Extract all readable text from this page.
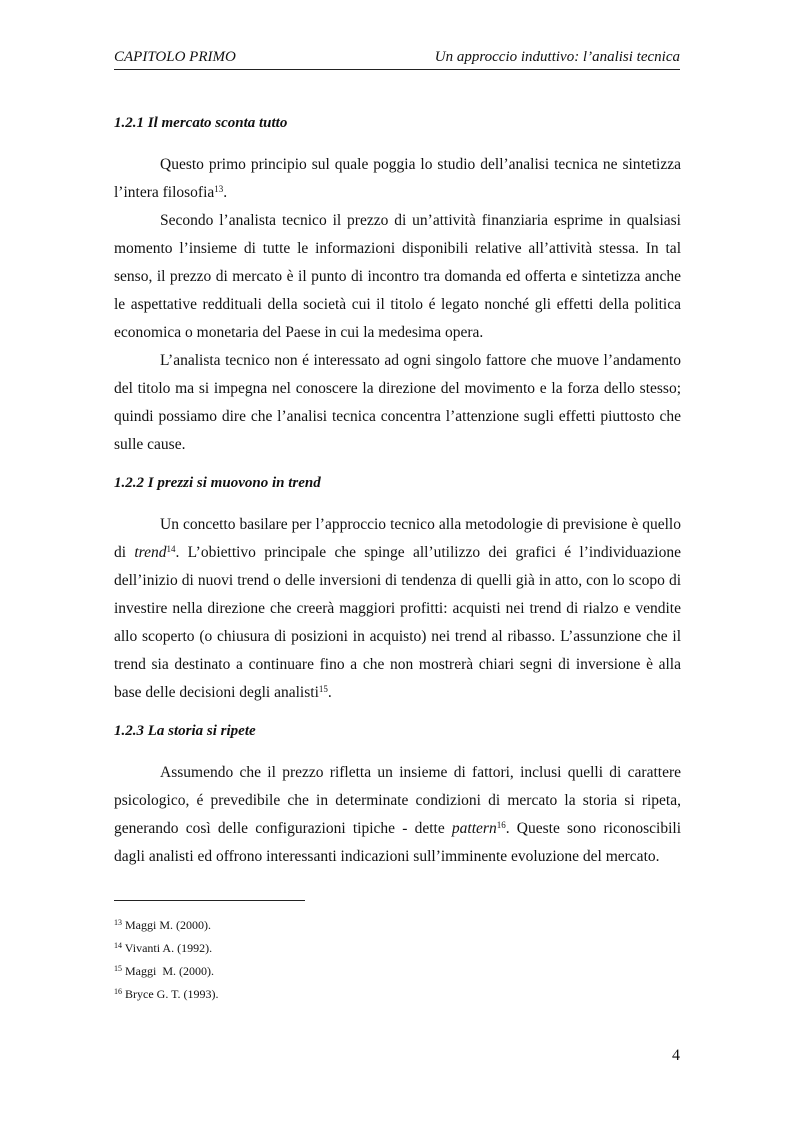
CAPITOLO PRIMO	Un approccio induttivo: l’analisi tecnica
1.2.1 Il mercato sconta tutto

Questo primo principio sul quale poggia lo studio dell’analisi tecnica ne sintetizza l’intera filosofia$^{13}$.

Secondo l’analista tecnico il prezzo di un’attività finanziaria esprime in qualsiasi momento l’insieme di tutte le informazioni disponibili relative all’attività stessa. In tal senso, il prezzo di mercato è il punto di incontro tra domanda ed offerta e sintetizza anche le aspettative reddituali della società cui il titolo é legato nonché gli effetti della politica economica o monetaria del Paese in cui la medesima opera.

L’analista tecnico non é interessato ad ogni singolo fattore che muove l’andamento del titolo ma si impegna nel conoscere la direzione del movimento e la forza dello stesso; quindi possiamo dire che l’analisi tecnica concentra l’attenzione sugli effetti piuttosto che sulle cause.

1.2.2 I prezzi si muovono in trend

Un concetto basilare per l’approccio tecnico alla metodologie di previsione è quello di trend$^{14}$. L’obiettivo principale che spinge all’utilizzo dei grafici é l’individuazione dell’inizio di nuovi trend o delle inversioni di tendenza di quelli già in atto, con lo scopo di investire nella direzione che creerà maggiori profitti: acquisti nei trend di rialzo e vendite allo scoperto (o chiusura di posizioni in acquisto) nei trend al ribasso. L’assunzione che il trend sia destinato a continuare fino a che non mostrerà chiari segni di inversione è alla base delle decisioni degli analisti$^{15}$.

1.2.3 La storia si ripete

Assumendo che il prezzo rifletta un insieme di fattori, inclusi quelli di carattere psicologico, é prevedibile che in determinate condizioni di mercato la storia si ripeta, generando così delle configurazioni tipiche - dette pattern$^{16}$. Queste sono riconoscibili dagli analisti ed offrono interessanti indicazioni sull’imminente evoluzione del mercato.

$^{13}$ Maggi M. (2000).
$^{14}$ Vivanti A. (1992).
$^{15}$ Maggi  M. (2000).
$^{16}$ Bryce G. T. (1993).
4
